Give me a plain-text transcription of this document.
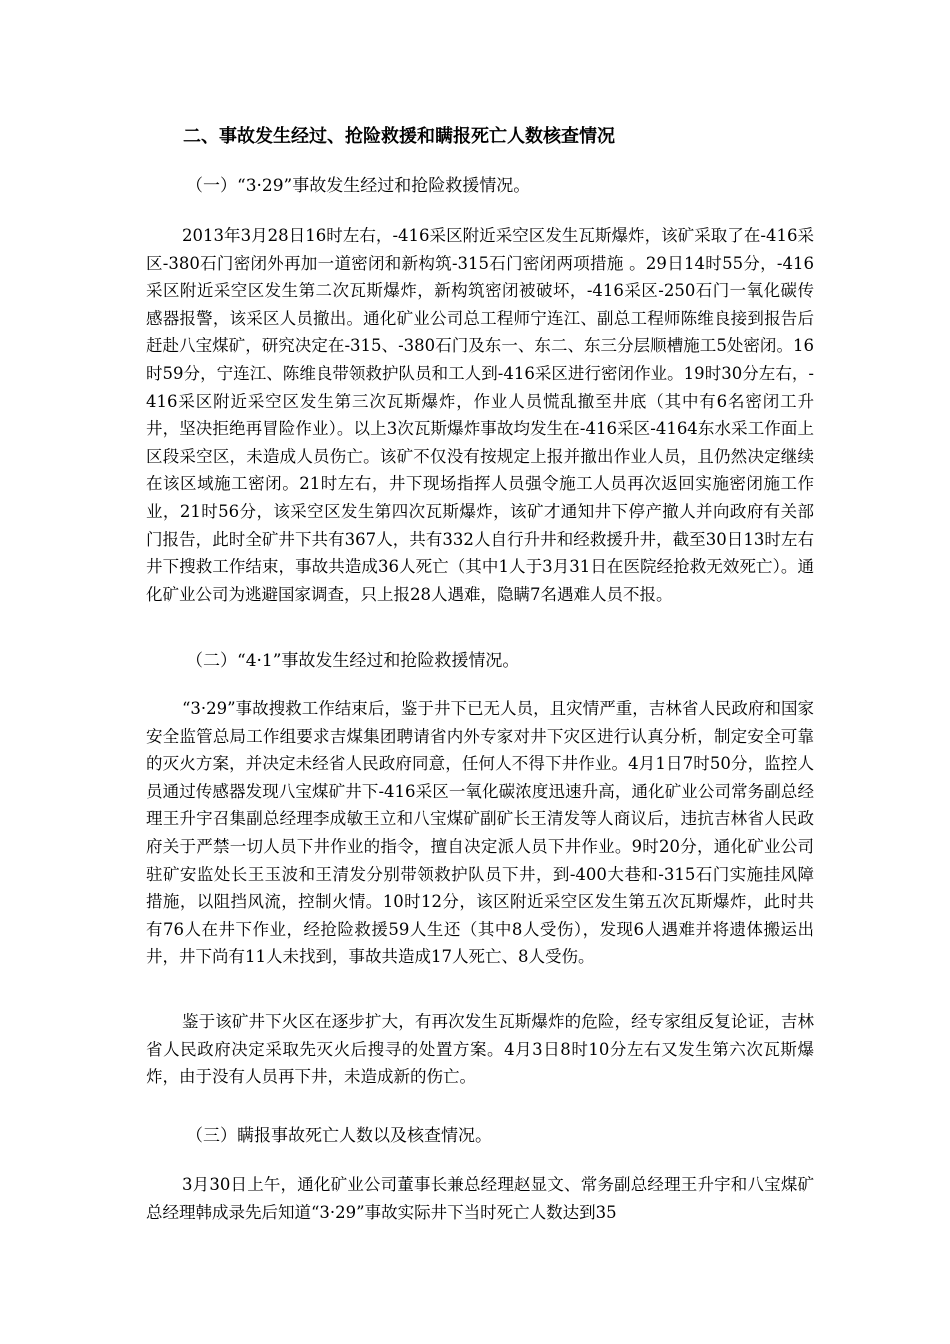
二、事故发生经过、抢险救援和瞒报死亡人数核查情况
（一）“3·29”事故发生经过和抢险救援情况。
2013年3月28日16时左右，-416采区附近采空区发生瓦斯爆炸，该矿采取了在-416采区-380石门密闭外再加一道密闭和新构筑-315石门密闭两项措施 。29日14时55分，-416采区附近采空区发生第二次瓦斯爆炸，新构筑密闭被破坏，-416采区-250石门一氧化碳传感器报警，该采区人员撤出。通化矿业公司总工程师宁连江、副总工程师陈维良接到报告后赶赴八宝煤矿，研究决定在-315、-380石门及东一、东二、东三分层顺槽施工5处密闭。16时59分，宁连江、陈维良带领救护队员和工人到-416采区进行密闭作业。19时30分左右，-416采区附近采空区发生第三次瓦斯爆炸，作业人员慌乱撤至井底（其中有6名密闭工升井，坚决拒绝再冒险作业）。以上3次瓦斯爆炸事故均发生在-416采区-4164东水采工作面上区段采空区，未造成人员伤亡。该矿不仅没有按规定上报并撤出作业人员，且仍然决定继续在该区域施工密闭。21时左右，井下现场指挥人员强令施工人员再次返回实施密闭施工作业，21时56分，该采空区发生第四次瓦斯爆炸，该矿才通知井下停产撤人并向政府有关部门报告，此时全矿井下共有367人，共有332人自行升井和经救援升井，截至30日13时左右井下搜救工作结束，事故共造成36人死亡（其中1人于3月31日在医院经抢救无效死亡）。通化矿业公司为逃避国家调查，只上报28人遇难，隐瞒7名遇难人员不报。
（二）“4·1”事故发生经过和抢险救援情况。
“3·29”事故搜救工作结束后，鉴于井下已无人员，且灾情严重，吉林省人民政府和国家安全监管总局工作组要求吉煤集团聘请省内外专家对井下灾区进行认真分析，制定安全可靠的灭火方案，并决定未经省人民政府同意，任何人不得下井作业。4月1日7时50分，监控人员通过传感器发现八宝煤矿井下-416采区一氧化碳浓度迅速升高，通化矿业公司常务副总经理王升宇召集副总经理李成敏王立和八宝煤矿副矿长王清发等人商议后，违抗吉林省人民政府关于严禁一切人员下井作业的指令，擅自决定派人员下井作业。9时20分，通化矿业公司驻矿安监处长王玉波和王清发分别带领救护队员下井，到-400大巷和-315石门实施挂风障措施，以阻挡风流，控制火情。10时12分，该区附近采空区发生第五次瓦斯爆炸，此时共有76人在井下作业，经抢险救援59人生还（其中8人受伤），发现6人遇难并将遗体搬运出井，井下尚有11人未找到，事故共造成17人死亡、8人受伤。
鉴于该矿井下火区在逐步扩大，有再次发生瓦斯爆炸的危险，经专家组反复论证，吉林省人民政府决定采取先灭火后搜寻的处置方案。4月3日8时10分左右又发生第六次瓦斯爆炸，由于没有人员再下井，未造成新的伤亡。
（三）瞒报事故死亡人数以及核查情况。
3月30日上午，通化矿业公司董事长兼总经理赵显文、常务副总经理王升宇和八宝煤矿总经理韩成录先后知道“3·29”事故实际井下当时死亡人数达到35
